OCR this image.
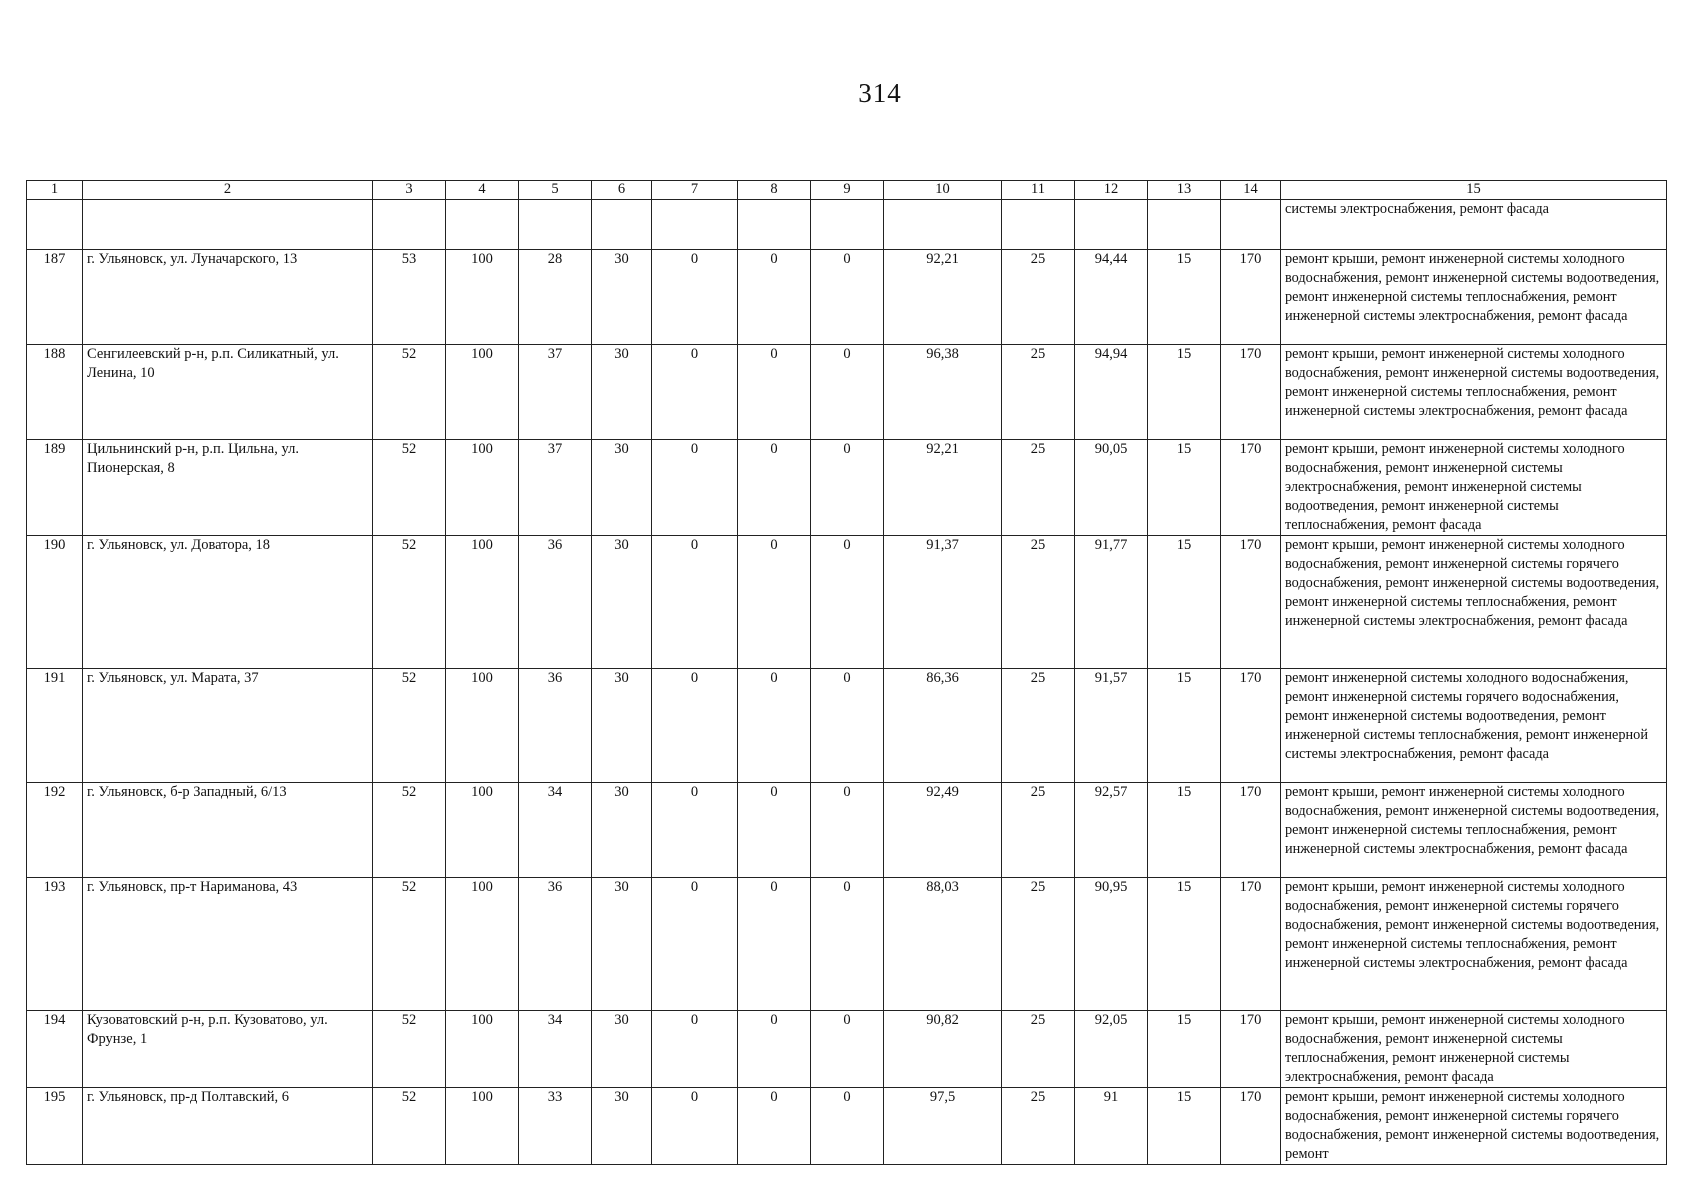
314
1	2	3	4	5	6	7	8	9	10	11	12	13	14	15
														системы электроснабжения, ремонт фасада
187	г. Ульяновск, ул. Луначарского, 13	53	100	28	30	0	0	0	92,21	25	94,44	15	170	ремонт крыши, ремонт инженерной системы холодного водоснабжения, ремонт инженерной системы водоотведения, ремонт инженерной системы теплоснабжения, ремонт инженерной системы электроснабжения, ремонт фасада
188	Сенгилеевский р-н, р.п. Силикатный, ул. Ленина, 10	52	100	37	30	0	0	0	96,38	25	94,94	15	170	ремонт крыши, ремонт инженерной системы холодного водоснабжения, ремонт инженерной системы водоотведения, ремонт инженерной системы теплоснабжения, ремонт инженерной системы электроснабжения, ремонт фасада
189	Цильнинский р-н, р.п. Цильна, ул. Пионерская, 8	52	100	37	30	0	0	0	92,21	25	90,05	15	170	ремонт крыши, ремонт инженерной системы холодного водоснабжения, ремонт инженерной системы электроснабжения, ремонт инженерной системы водоотведения, ремонт инженерной системы теплоснабжения, ремонт фасада
190	г. Ульяновск, ул. Доватора, 18	52	100	36	30	0	0	0	91,37	25	91,77	15	170	ремонт крыши, ремонт инженерной системы холодного водоснабжения, ремонт инженерной системы горячего водоснабжения, ремонт инженерной системы водоотведения, ремонт инженерной системы теплоснабжения, ремонт инженерной системы электроснабжения, ремонт фасада
191	г. Ульяновск, ул. Марата, 37	52	100	36	30	0	0	0	86,36	25	91,57	15	170	ремонт инженерной системы холодного водоснабжения, ремонт инженерной системы горячего водоснабжения, ремонт инженерной системы водоотведения, ремонт инженерной системы теплоснабжения, ремонт инженерной системы электроснабжения, ремонт фасада
192	г. Ульяновск, б-р Западный, 6/13	52	100	34	30	0	0	0	92,49	25	92,57	15	170	ремонт крыши, ремонт инженерной системы холодного водоснабжения, ремонт инженерной системы водоотведения, ремонт инженерной системы теплоснабжения, ремонт инженерной системы электроснабжения, ремонт фасада
193	г. Ульяновск, пр-т Нариманова, 43	52	100	36	30	0	0	0	88,03	25	90,95	15	170	ремонт крыши, ремонт инженерной системы холодного водоснабжения, ремонт инженерной системы горячего водоснабжения, ремонт инженерной системы водоотведения, ремонт инженерной системы теплоснабжения, ремонт инженерной системы электроснабжения, ремонт фасада
194	Кузоватовский р-н, р.п. Кузоватово, ул. Фрунзе, 1	52	100	34	30	0	0	0	90,82	25	92,05	15	170	ремонт крыши, ремонт инженерной системы холодного водоснабжения, ремонт инженерной системы теплоснабжения, ремонт инженерной системы электроснабжения, ремонт фасада
195	г. Ульяновск, пр-д Полтавский, 6	52	100	33	30	0	0	0	97,5	25	91	15	170	ремонт крыши, ремонт инженерной системы холодного водоснабжения, ремонт инженерной системы горячего водоснабжения, ремонт инженерной системы водоотведения, ремонт
